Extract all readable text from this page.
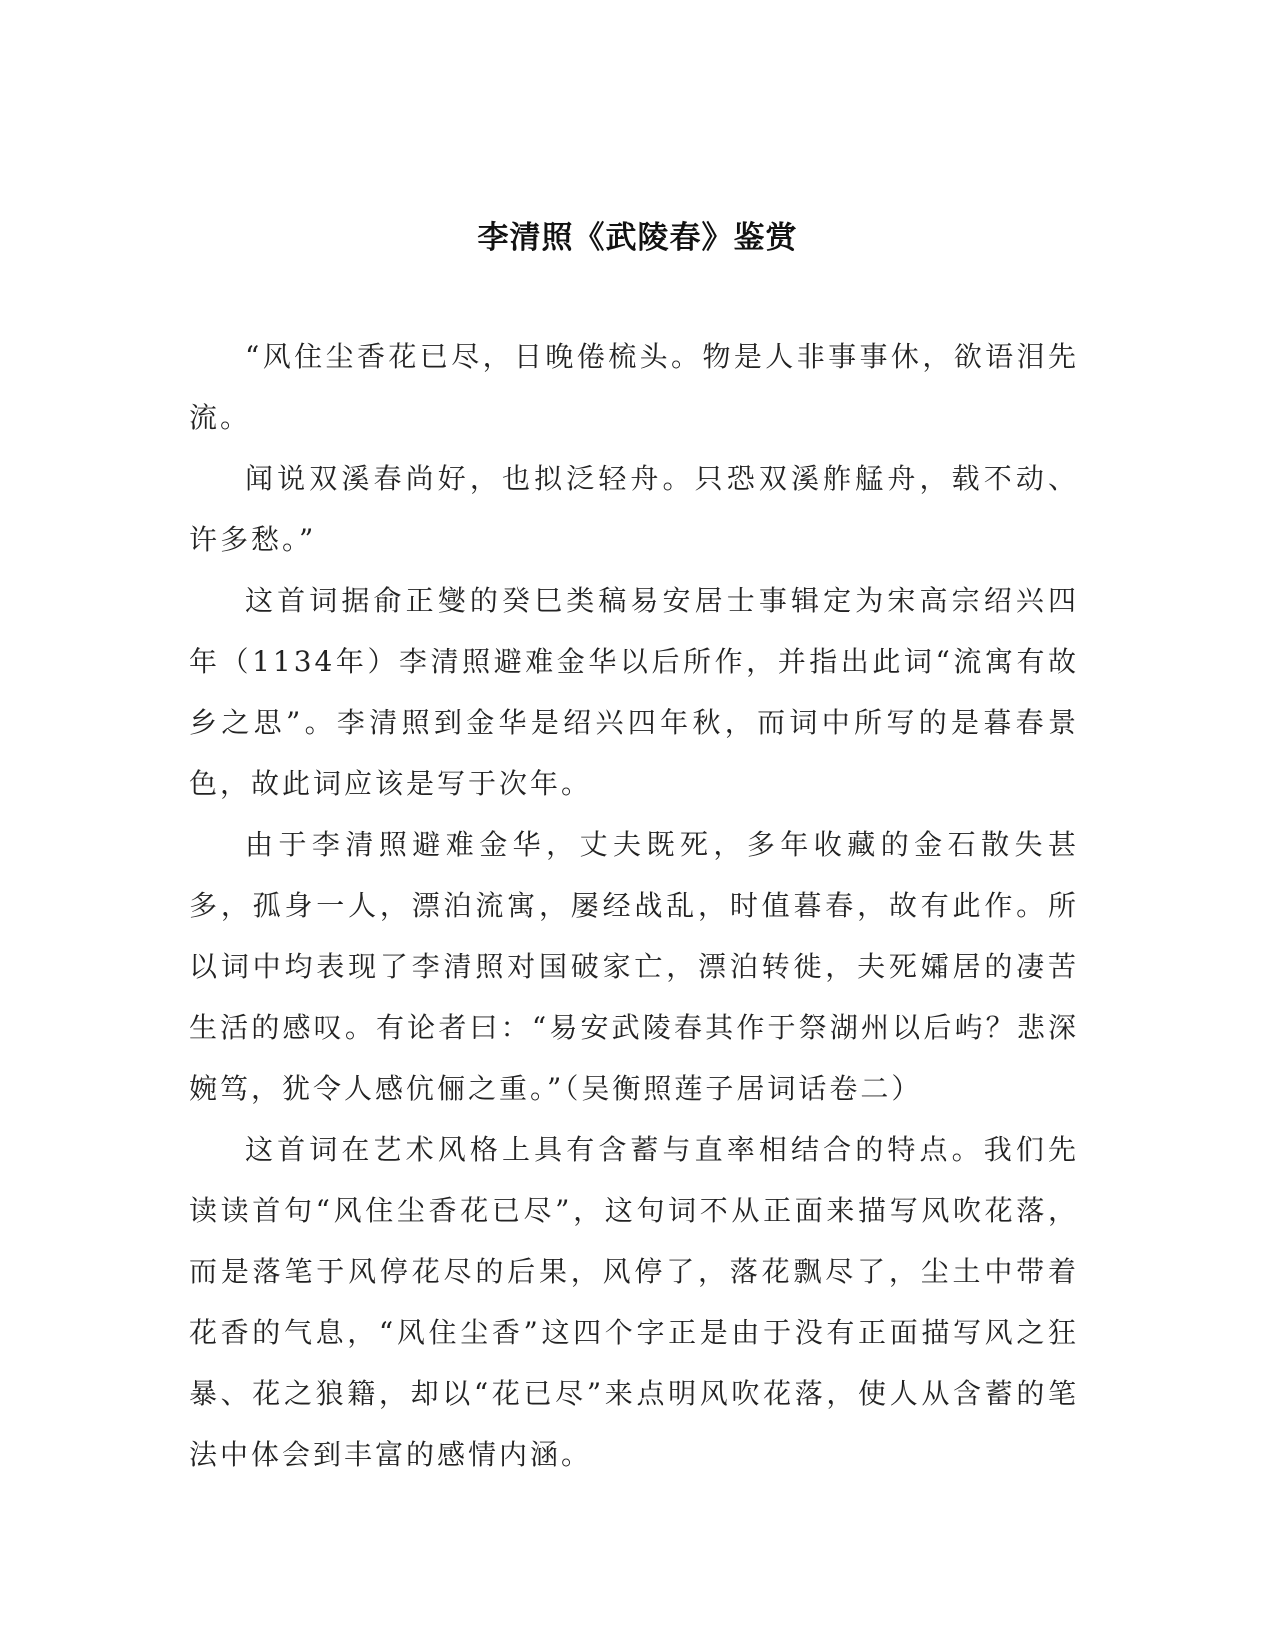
李清照《武陵春》鉴赏

“风住尘香花已尽，日晚倦梳头。物是人非事事休，欲语泪先流。

闻说双溪春尚好，也拟泛轻舟。只恐双溪舴艋舟，载不动、许多愁。”

这首词据俞正燮的癸巳类稿易安居士事辑定为宋高宗绍兴四年（1134年）李清照避难金华以后所作，并指出此词“流寓有故乡之思”。李清照到金华是绍兴四年秋，而词中所写的是暮春景色，故此词应该是写于次年。

由于李清照避难金华，丈夫既死，多年收藏的金石散失甚多，孤身一人，漂泊流寓，屡经战乱，时值暮春，故有此作。所以词中均表现了李清照对国破家亡，漂泊转徙，夫死孀居的凄苦生活的感叹。有论者曰：“易安武陵春其作于祭湖州以后屿？悲深婉笃，犹令人感伉俪之重。”（吴衡照莲子居词话卷二）

这首词在艺术风格上具有含蓄与直率相结合的特点。我们先读读首句“风住尘香花已尽”，这句词不从正面来描写风吹花落，而是落笔于风停花尽的后果，风停了，落花飘尽了，尘土中带着花香的气息，“风住尘香”这四个字正是由于没有正面描写风之狂暴、花之狼籍，却以“花已尽”来点明风吹花落，使人从含蓄的笔法中体会到丰富的感情内涵。
